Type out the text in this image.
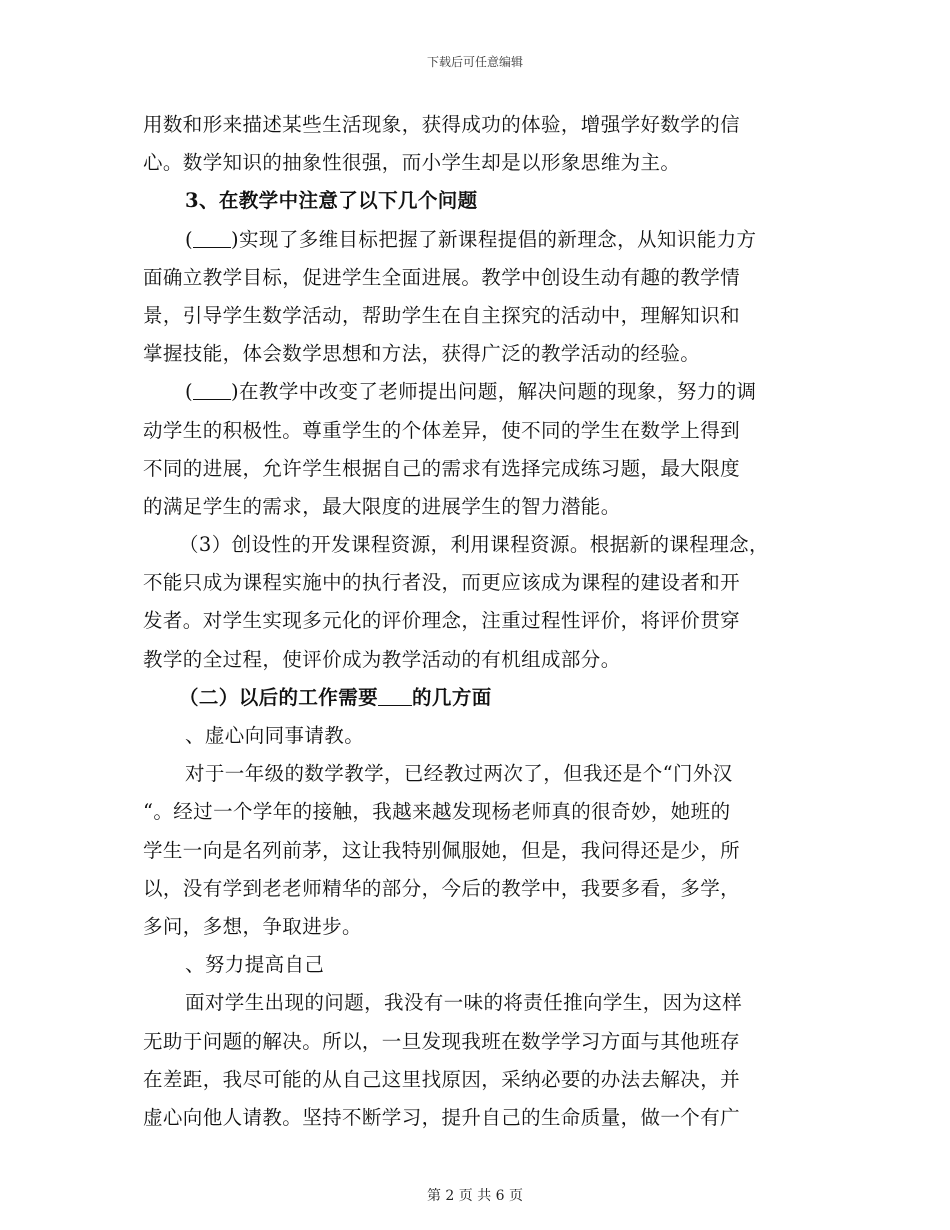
下载后可任意编辑
用数和形来描述某些生活现象，获得成功的体验，增强学好数学的信
心。数学知识的抽象性很强，而小学生却是以形象思维为主。
3、在教学中注意了以下几个问题
( )实现了多维目标把握了新课程提倡的新理念，从知识能力方
面确立教学目标，促进学生全面进展。教学中创设生动有趣的教学情
景，引导学生数学活动，帮助学生在自主探究的活动中，理解知识和
掌握技能，体会数学思想和方法，获得广泛的教学活动的经验。
( )在教学中改变了老师提出问题，解决问题的现象，努力的调
动学生的积极性。尊重学生的个体差异，使不同的学生在数学上得到
不同的进展，允许学生根据自己的需求有选择完成练习题，最大限度
的满足学生的需求，最大限度的进展学生的智力潜能。
（3）创设性的开发课程资源，利用课程资源。根据新的课程理念，
不能只成为课程实施中的执行者没，而更应该成为课程的建设者和开
发者。对学生实现多元化的评价理念，注重过程性评价，将评价贯穿
教学的全过程，使评价成为教学活动的有机组成部分。
（二）以后的工作需要 的几方面
、虚心向同事请教。
对于一年级的数学教学，已经教过两次了，但我还是个“门外汉
“。经过一个学年的接触，我越来越发现杨老师真的很奇妙，她班的
学生一向是名列前茅，这让我特别佩服她，但是，我问得还是少，所
以，没有学到老老师精华的部分，今后的教学中，我要多看，多学，
多问，多想，争取进步。
、努力提高自己
面对学生出现的问题，我没有一味的将责任推向学生，因为这样
无助于问题的解决。所以，一旦发现我班在数学学习方面与其他班存
在差距，我尽可能的从自己这里找原因，采纳必要的办法去解决，并
虚心向他人请教。坚持不断学习，提升自己的生命质量，做一个有广
第 2 页 共 6 页
